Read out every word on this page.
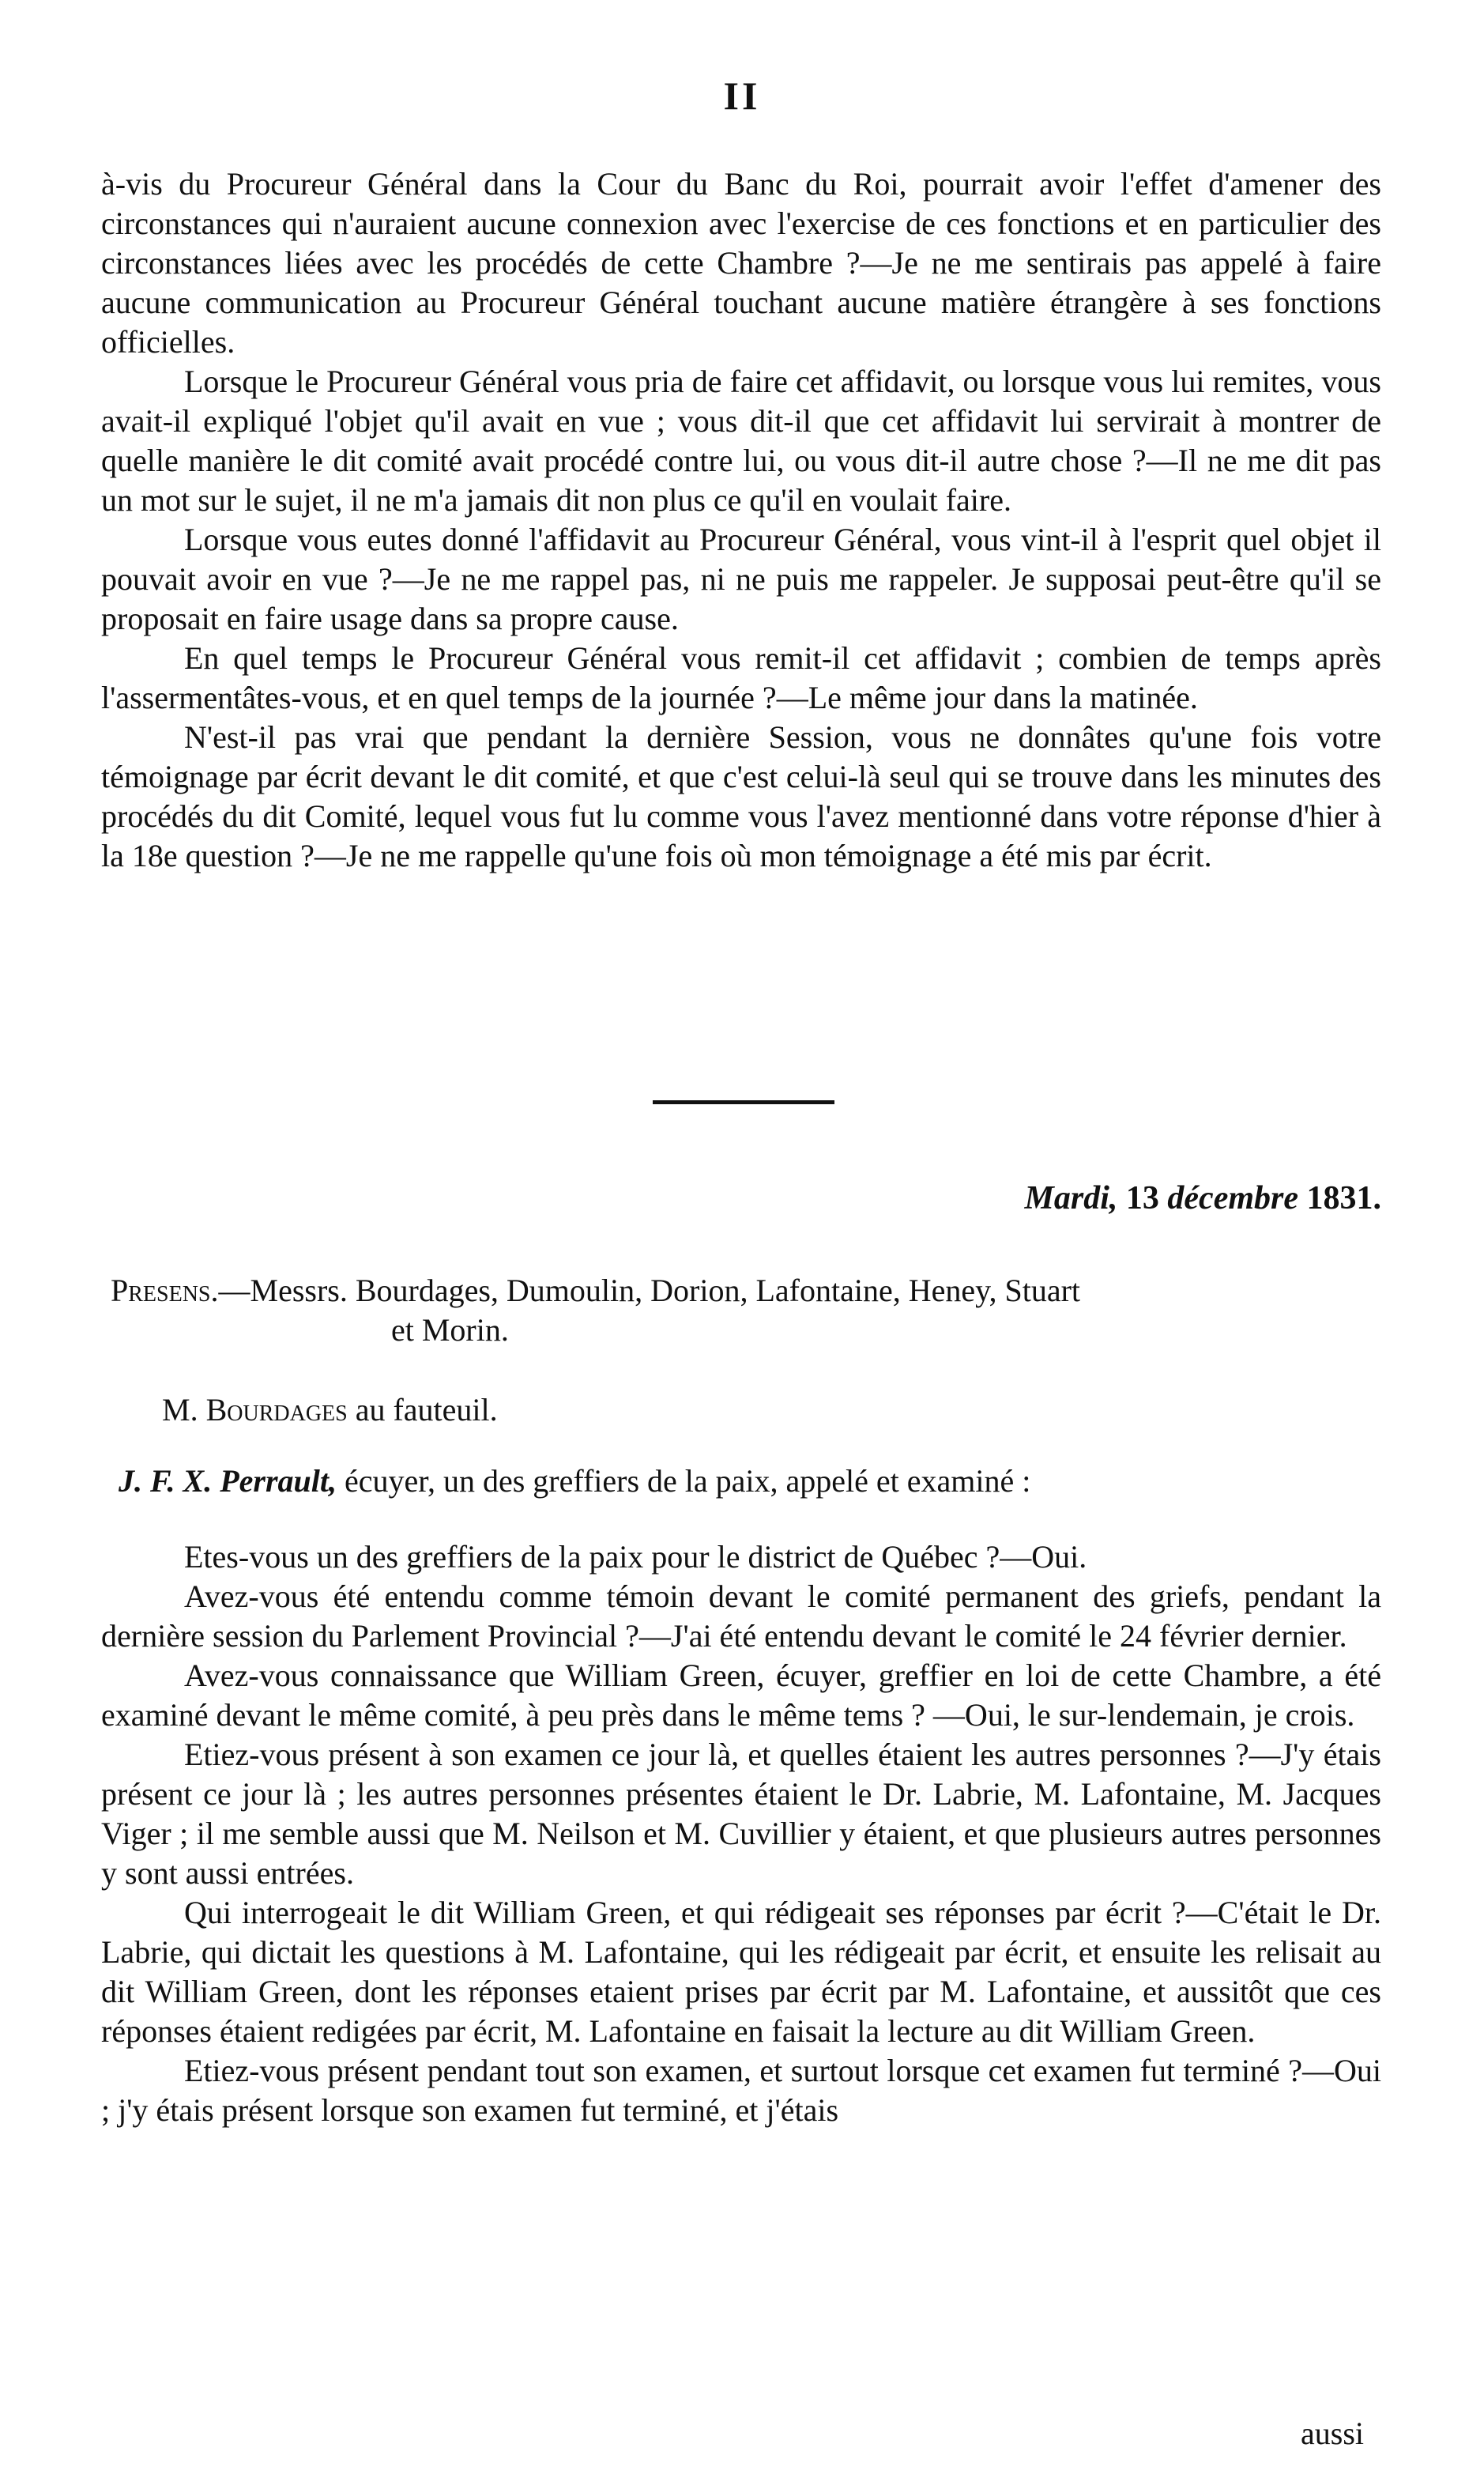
II

à-vis du Procureur Général dans la Cour du Banc du Roi, pourrait avoir l'effet d'amener des circonstances qui n'auraient aucune connexion avec l'exercise de ces fonctions et en particulier des circonstances liées avec les procédés de cette Chambre ?—Je ne me sentirais pas appelé à faire aucune communication au Procureur Général touchant aucune matière étrangère à ses fonctions officielles.

Lorsque le Procureur Général vous pria de faire cet affidavit, ou lorsque vous lui remites, vous avait-il expliqué l'objet qu'il avait en vue ; vous dit-il que cet affidavit lui servirait à montrer de quelle manière le dit comité avait procédé contre lui, ou vous dit-il autre chose ?—Il ne me dit pas un mot sur le sujet, il ne m'a jamais dit non plus ce qu'il en voulait faire.

Lorsque vous eutes donné l'affidavit au Procureur Général, vous vint-il à l'esprit quel objet il pouvait avoir en vue ?—Je ne me rappel pas, ni ne puis me rappeler. Je supposai peut-être qu'il se proposait en faire usage dans sa propre cause.

En quel temps le Procureur Général vous remit-il cet affidavit ; combien de temps après l'assermentâtes-vous, et en quel temps de la journée ?—Le même jour dans la matinée.

N'est-il pas vrai que pendant la dernière Session, vous ne donnâtes qu'une fois votre témoignage par écrit devant le dit comité, et que c'est celui-là seul qui se trouve dans les minutes des procédés du dit Comité, lequel vous fut lu comme vous l'avez mentionné dans votre réponse d'hier à la 18e question ?—Je ne me rappelle qu'une fois où mon témoignage a été mis par écrit.

Mardi, 13 décembre 1831.
Presens.—Messrs. Bourdages, Dumoulin, Dorion, Lafontaine, Heney, Stuart
et Morin.
M. Bourdages au fauteuil.
J. F. X. Perrault, écuyer, un des greffiers de la paix, appelé et examiné :

Etes-vous un des greffiers de la paix pour le district de Québec ?—Oui.

Avez-vous été entendu comme témoin devant le comité permanent des griefs, pendant la dernière session du Parlement Provincial ?—J'ai été entendu devant le comité le 24 février dernier.

Avez-vous connaissance que William Green, écuyer, greffier en loi de cette Chambre, a été examiné devant le même comité, à peu près dans le même tems ? —Oui, le sur-lendemain, je crois.

Etiez-vous présent à son examen ce jour là, et quelles étaient les autres personnes ?—J'y étais présent ce jour là ; les autres personnes présentes étaient le Dr. Labrie, M. Lafontaine, M. Jacques Viger ; il me semble aussi que M. Neilson et M. Cuvillier y étaient, et que plusieurs autres personnes y sont aussi entrées.

Qui interrogeait le dit William Green, et qui rédigeait ses réponses par écrit ?—C'était le Dr. Labrie, qui dictait les questions à M. Lafontaine, qui les rédigeait par écrit, et ensuite les relisait au dit William Green, dont les réponses etaient prises par écrit par M. Lafontaine, et aussitôt que ces réponses étaient redigées par écrit, M. Lafontaine en faisait la lecture au dit William Green.

Etiez-vous présent pendant tout son examen, et surtout lorsque cet examen fut terminé ?—Oui ; j'y étais présent lorsque son examen fut terminé, et j'étais

aussi
